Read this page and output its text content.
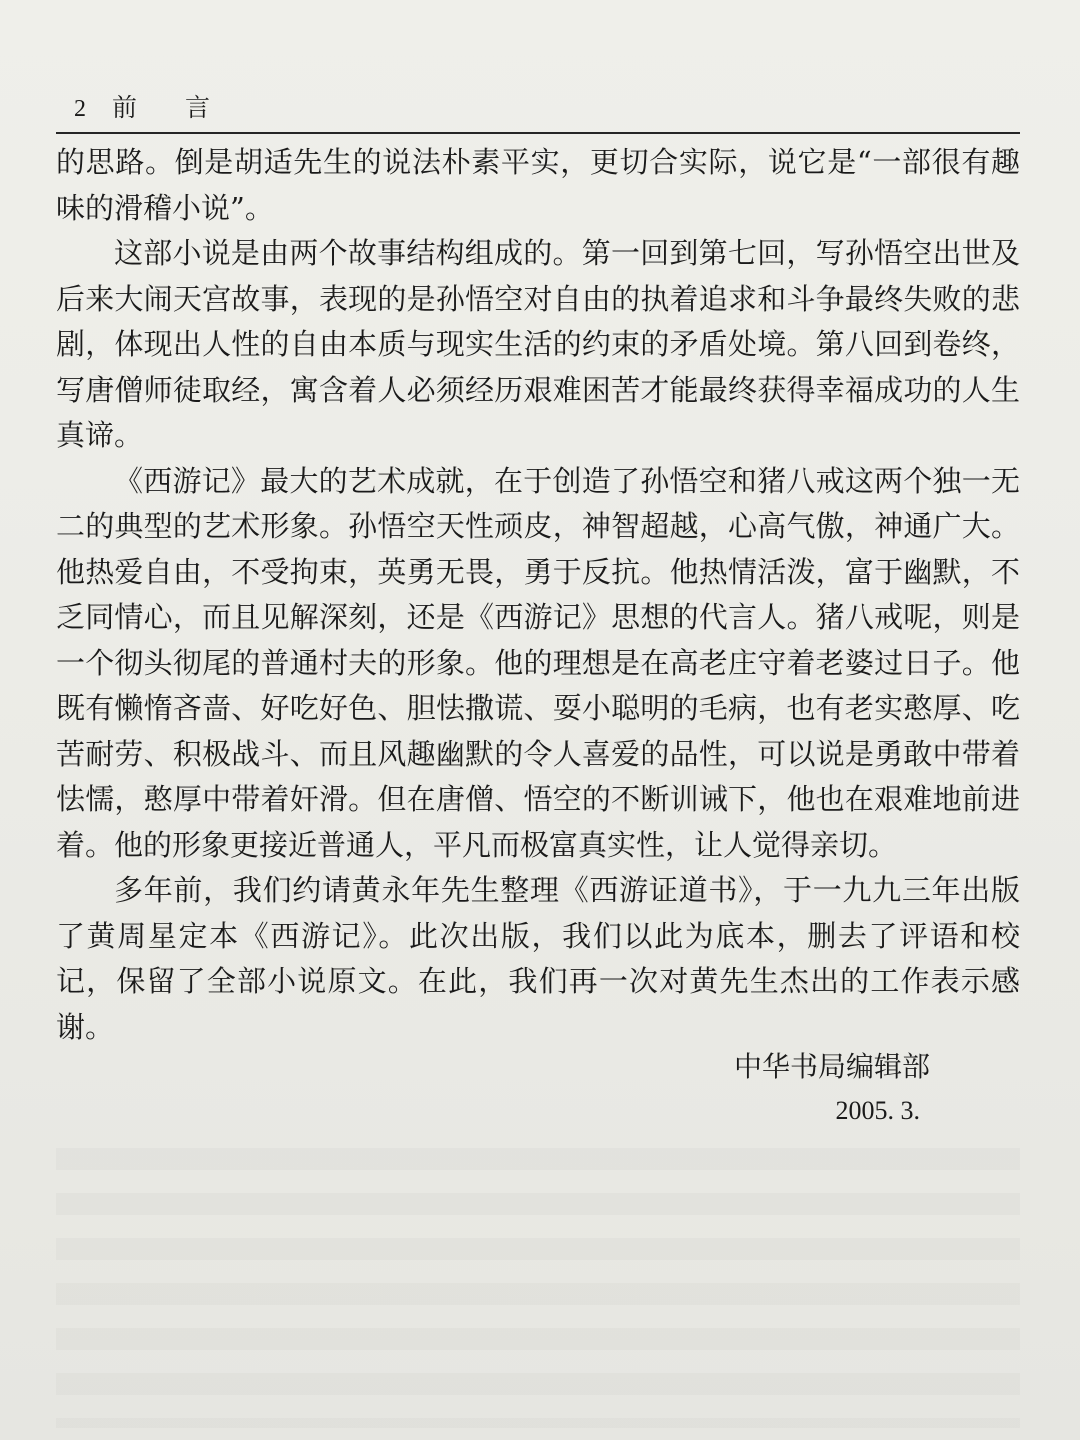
2 前言

的思路。倒是胡适先生的说法朴素平实，更切合实际，说它是“一部很有趣味的滑稽小说”。

这部小说是由两个故事结构组成的。第一回到第七回，写孙悟空出世及后来大闹天宫故事，表现的是孙悟空对自由的执着追求和斗争最终失败的悲剧，体现出人性的自由本质与现实生活的约束的矛盾处境。第八回到卷终，写唐僧师徒取经，寓含着人必须经历艰难困苦才能最终获得幸福成功的人生真谛。

《西游记》最大的艺术成就，在于创造了孙悟空和猪八戒这两个独一无二的典型的艺术形象。孙悟空天性顽皮，神智超越，心高气傲，神通广大。他热爱自由，不受拘束，英勇无畏，勇于反抗。他热情活泼，富于幽默，不乏同情心，而且见解深刻，还是《西游记》思想的代言人。猪八戒呢，则是一个彻头彻尾的普通村夫的形象。他的理想是在高老庄守着老婆过日子。他既有懒惰吝啬、好吃好色、胆怯撒谎、耍小聪明的毛病，也有老实憨厚、吃苦耐劳、积极战斗、而且风趣幽默的令人喜爱的品性，可以说是勇敢中带着怯懦，憨厚中带着奸滑。但在唐僧、悟空的不断训诫下，他也在艰难地前进着。他的形象更接近普通人，平凡而极富真实性，让人觉得亲切。

多年前，我们约请黄永年先生整理《西游证道书》，于一九九三年出版了黄周星定本《西游记》。此次出版，我们以此为底本，删去了评语和校记，保留了全部小说原文。在此，我们再一次对黄先生杰出的工作表示感谢。

中华书局编辑部
2005. 3.
